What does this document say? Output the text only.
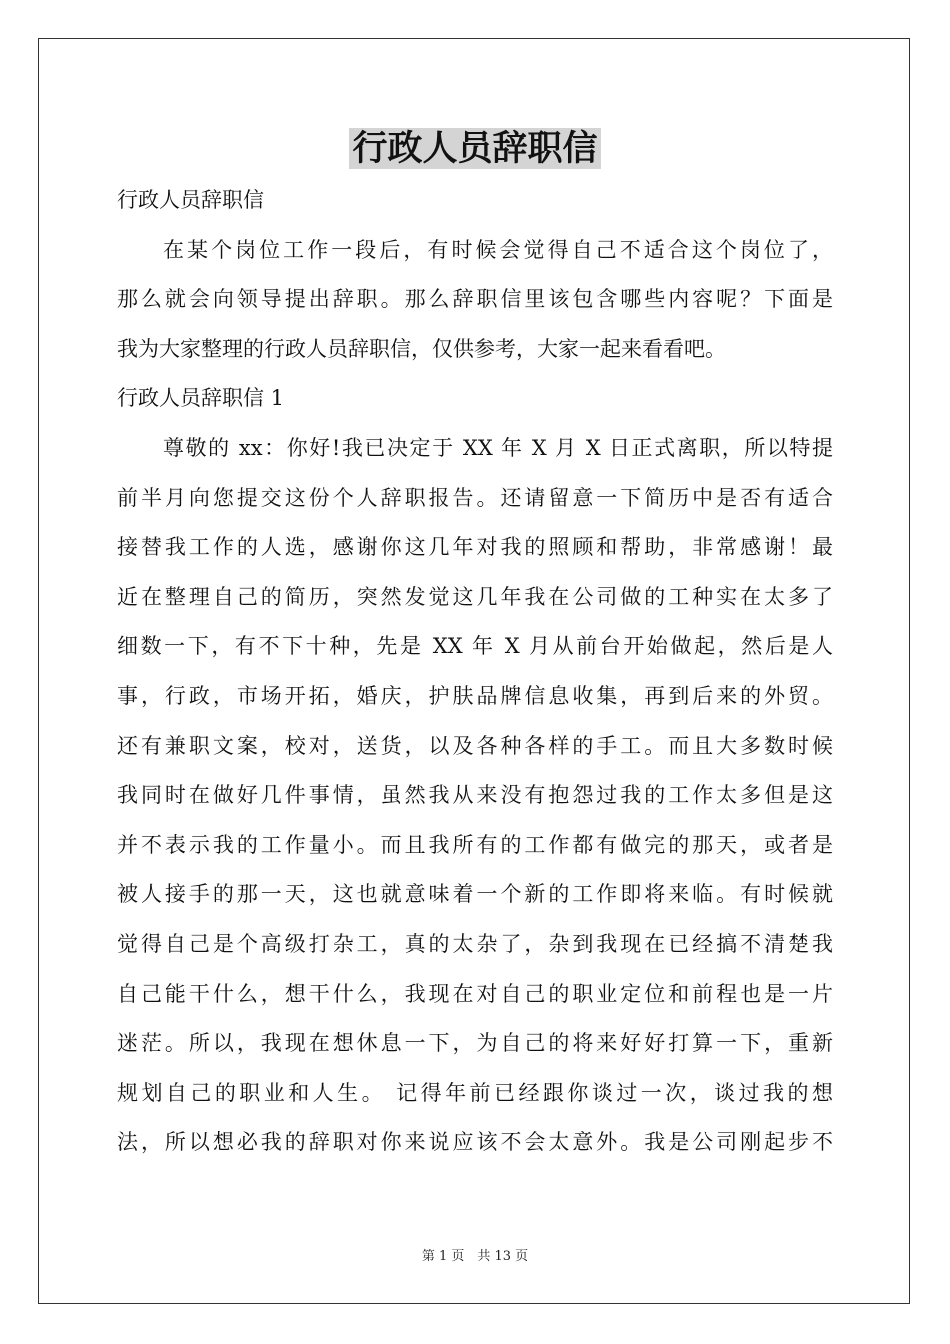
行政人员辞职信
行政人员辞职信
在某个岗位工作一段后，有时候会觉得自己不适合这个岗位了，
那么就会向领导提出辞职。那么辞职信里该包含哪些内容呢？下面是
我为大家整理的行政人员辞职信，仅供参考，大家一起来看看吧。
行政人员辞职信 1
尊敬的 xx：你好!我已决定于 XX 年 X 月 X 日正式离职，所以特提
前半月向您提交这份个人辞职报告。还请留意一下简历中是否有适合
接替我工作的人选，感谢你这几年对我的照顾和帮助，非常感谢！最
近在整理自己的简历，突然发觉这几年我在公司做的工种实在太多了
细数一下，有不下十种，先是 XX 年 X 月从前台开始做起，然后是人
事，行政，市场开拓，婚庆，护肤品牌信息收集，再到后来的外贸。
还有兼职文案，校对，送货，以及各种各样的手工。而且大多数时候
我同时在做好几件事情，虽然我从来没有抱怨过我的工作太多但是这
并不表示我的工作量小。而且我所有的工作都有做完的那天，或者是
被人接手的那一天，这也就意味着一个新的工作即将来临。有时候就
觉得自己是个高级打杂工，真的太杂了，杂到我现在已经搞不清楚我
自己能干什么，想干什么，我现在对自己的职业定位和前程也是一片
迷茫。所以，我现在想休息一下，为自己的将来好好打算一下，重新
规划自己的职业和人生。 记得年前已经跟你谈过一次，谈过我的想
法，所以想必我的辞职对你来说应该不会太意外。我是公司刚起步不
第 1 页　共 13 页
